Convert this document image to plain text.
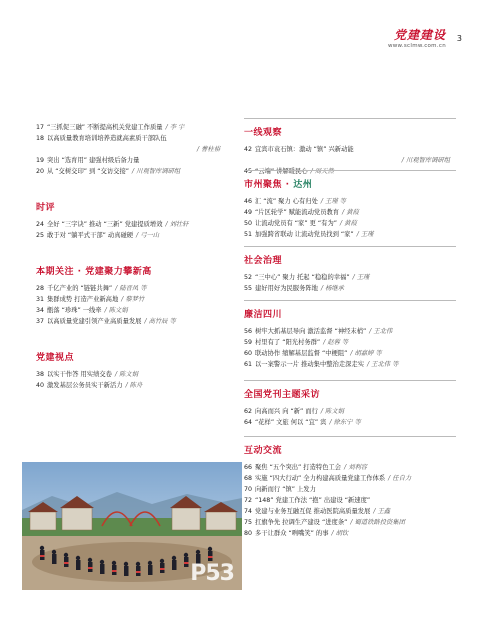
党建建设
www.sclmw.com.cn
3
17 “三抓促三融” 不断提高机关党建工作质量 / 李 宇
18 以高质量教育培训培养造就高素质干部队伍
/ 曹柱裕
19 突出 “选育用” 建强村级后备力量
20 从 “交树交印” 到 “交访交接” / 川观智库调研组
时评
24 全好 “三字诀” 推动 “三新” 党建提质增效 / 刘壮轩
25 敢于对 “躺平式干部” 动真碰硬 / 弓一山
本期关注 · 党建聚力攀新高
28 千亿产业的 “链链共舞” / 陆晋凤 等
31 集群成势 打造产业新高地 / 黎梦竹
34 甑落 “珍珠” 一线牵 / 陈文娟
37 以高质量党建引领产业高质量发展 / 高竹辰 等
党建视点
38 以实干作答 用实绩交卷 / 陈文娟
40 激发基层公务员实干新活力 / 陈舟
一线观察
42 宜宾市袁石镇：激动 “镇” 兴新动能
/ 川观智库调研组
45 “云端” 讲解暖民心 / 周天然
市州聚焦 · 达州
46 汇 “流” 聚力 心有归处 / 王瑾 等
49 “片区轮学” 赋能流动党员教育 / 黄葭
50 让流动党员有 “家” 更 “有为” / 黄葭
51 加强跨省联动 让流动党员找到 “家” / 王瑾
社会治理
52 “三中心” 聚力 托起 “稳稳的幸福” / 王瑾
55 建好用好为民服务阵地 / 杨继承
廉洁四川
56 树牢大抓基层导向 激活监督 “神经末梢” / 王北伟
59 村里有了 “阳光村务群” / 赵蓉 等
60 联动协作 缩解基层监督 “中梗阻” / 胡嘉婷 等
61 以一案警示一片 推动集中整治走深走实 / 王北伟 等
全国党刊主题采访
62 向高而兴 向 “新” 而行 / 陈文娟
64 “花样” 文旅 何以 “宜” 宾 / 徐东宁 等
互动交流
66 聚焦 “五个突出” 打造特色工会 / 刘利容
68 实施 “四大行动” 全力构建高质量党建工作体系 / 任自力
70 向新而行 “镇” 上发力
72 “148” 党建工作法 “抱” 出建设 “新速度”
74 党建与业务互融互促 推动医院高质量发展 / 王鑫
75 扛旗争先 拉调生产建设 “进度条” / 蜀道铁路投资集团
80 多干让群众 “咧嘴笑” 的事 / 胡钦
P53
